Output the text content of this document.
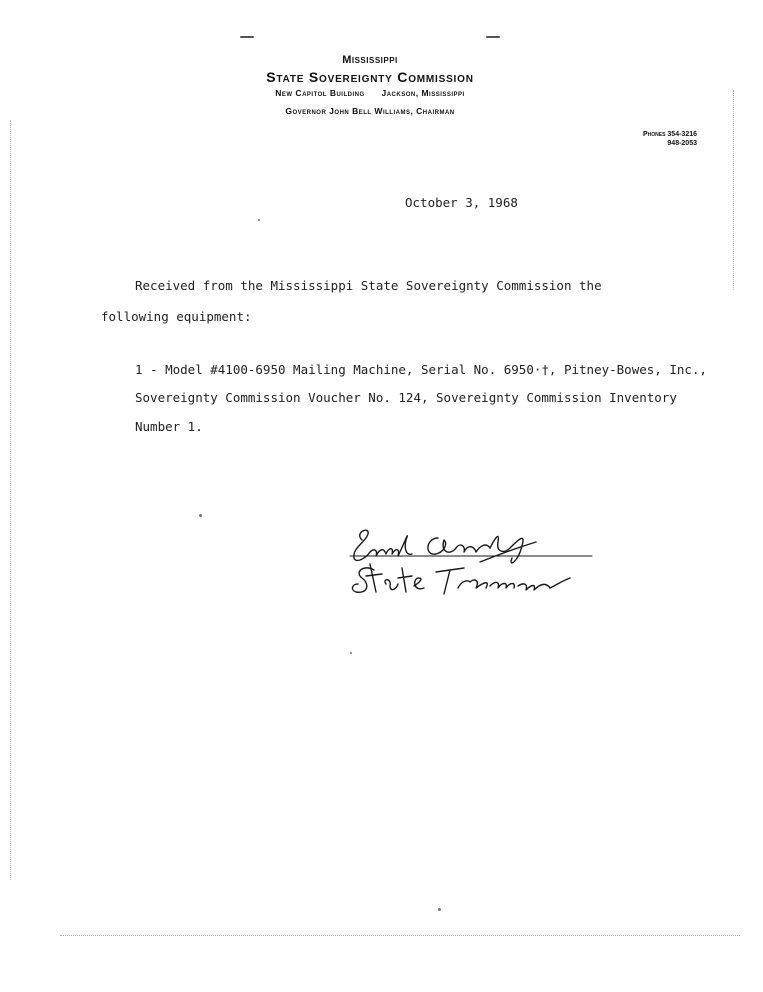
Mississippi
State Sovereignty Commission
New Capitol Building Jackson, Mississippi
Governor John Bell Williams, Chairman
Phones 354-3216
948-2053
October 3, 1968
Received from the Mississippi State Sovereignty Commission the
following equipment:
1 - Model #4100-6950 Mailing Machine, Serial No. 6950·†, Pitney-Bowes, Inc.,
Sovereignty Commission Voucher No. 124, Sovereignty Commission Inventory
Number 1.
